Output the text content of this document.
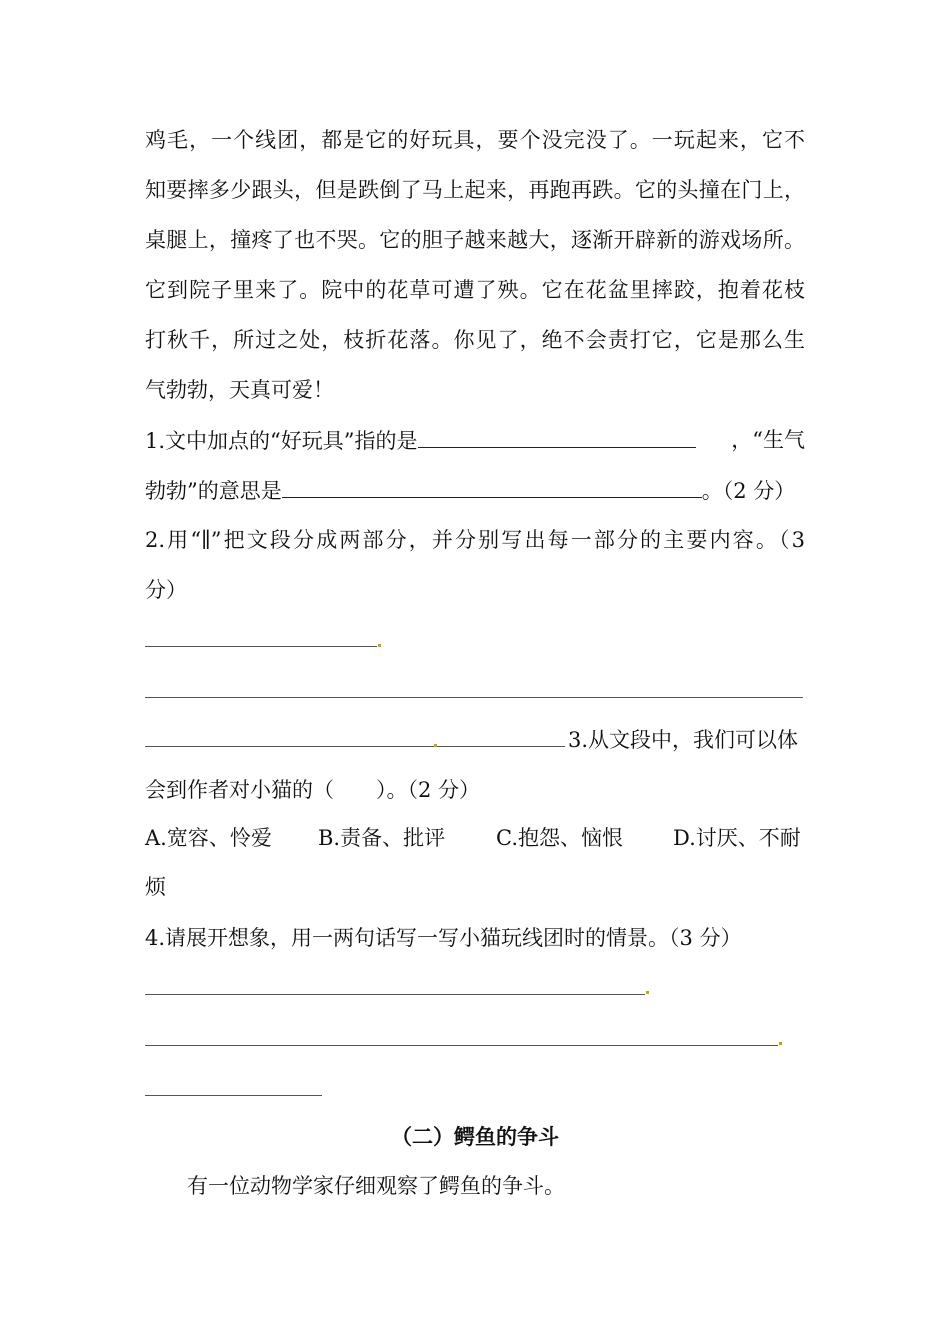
鸡毛，一个线团，都是它的好玩具，要个没完没了。一玩起来，它不
知要摔多少跟头，但是跌倒了马上起来，再跑再跌。它的头撞在门上，
桌腿上，撞疼了也不哭。它的胆子越来越大，逐渐开辟新的游戏场所。
它到院子里来了。院中的花草可遭了殃。它在花盆里摔跤，抱着花枝
打秋千，所过之处，枝折花落。你见了，绝不会责打它，它是那么生
气勃勃，天真可爱！
1.文中加点的“好玩具”指的是	，“生气
勃勃”的意思是	。（2 分）
2.用“∥”把文段分成两部分，并分别写出每一部分的主要内容。（3
分）
3.从文段中，我们可以体
会到作者对小猫的（　　）。（2 分）
A.宽容、怜爱 B.责备、批评 C.抱怨、恼恨 D.讨厌、不耐
烦
4.请展开想象，用一两句话写一写小猫玩线团时的情景。（3 分）
（二）鳄鱼的争斗
有一位动物学家仔细观察了鳄鱼的争斗。
